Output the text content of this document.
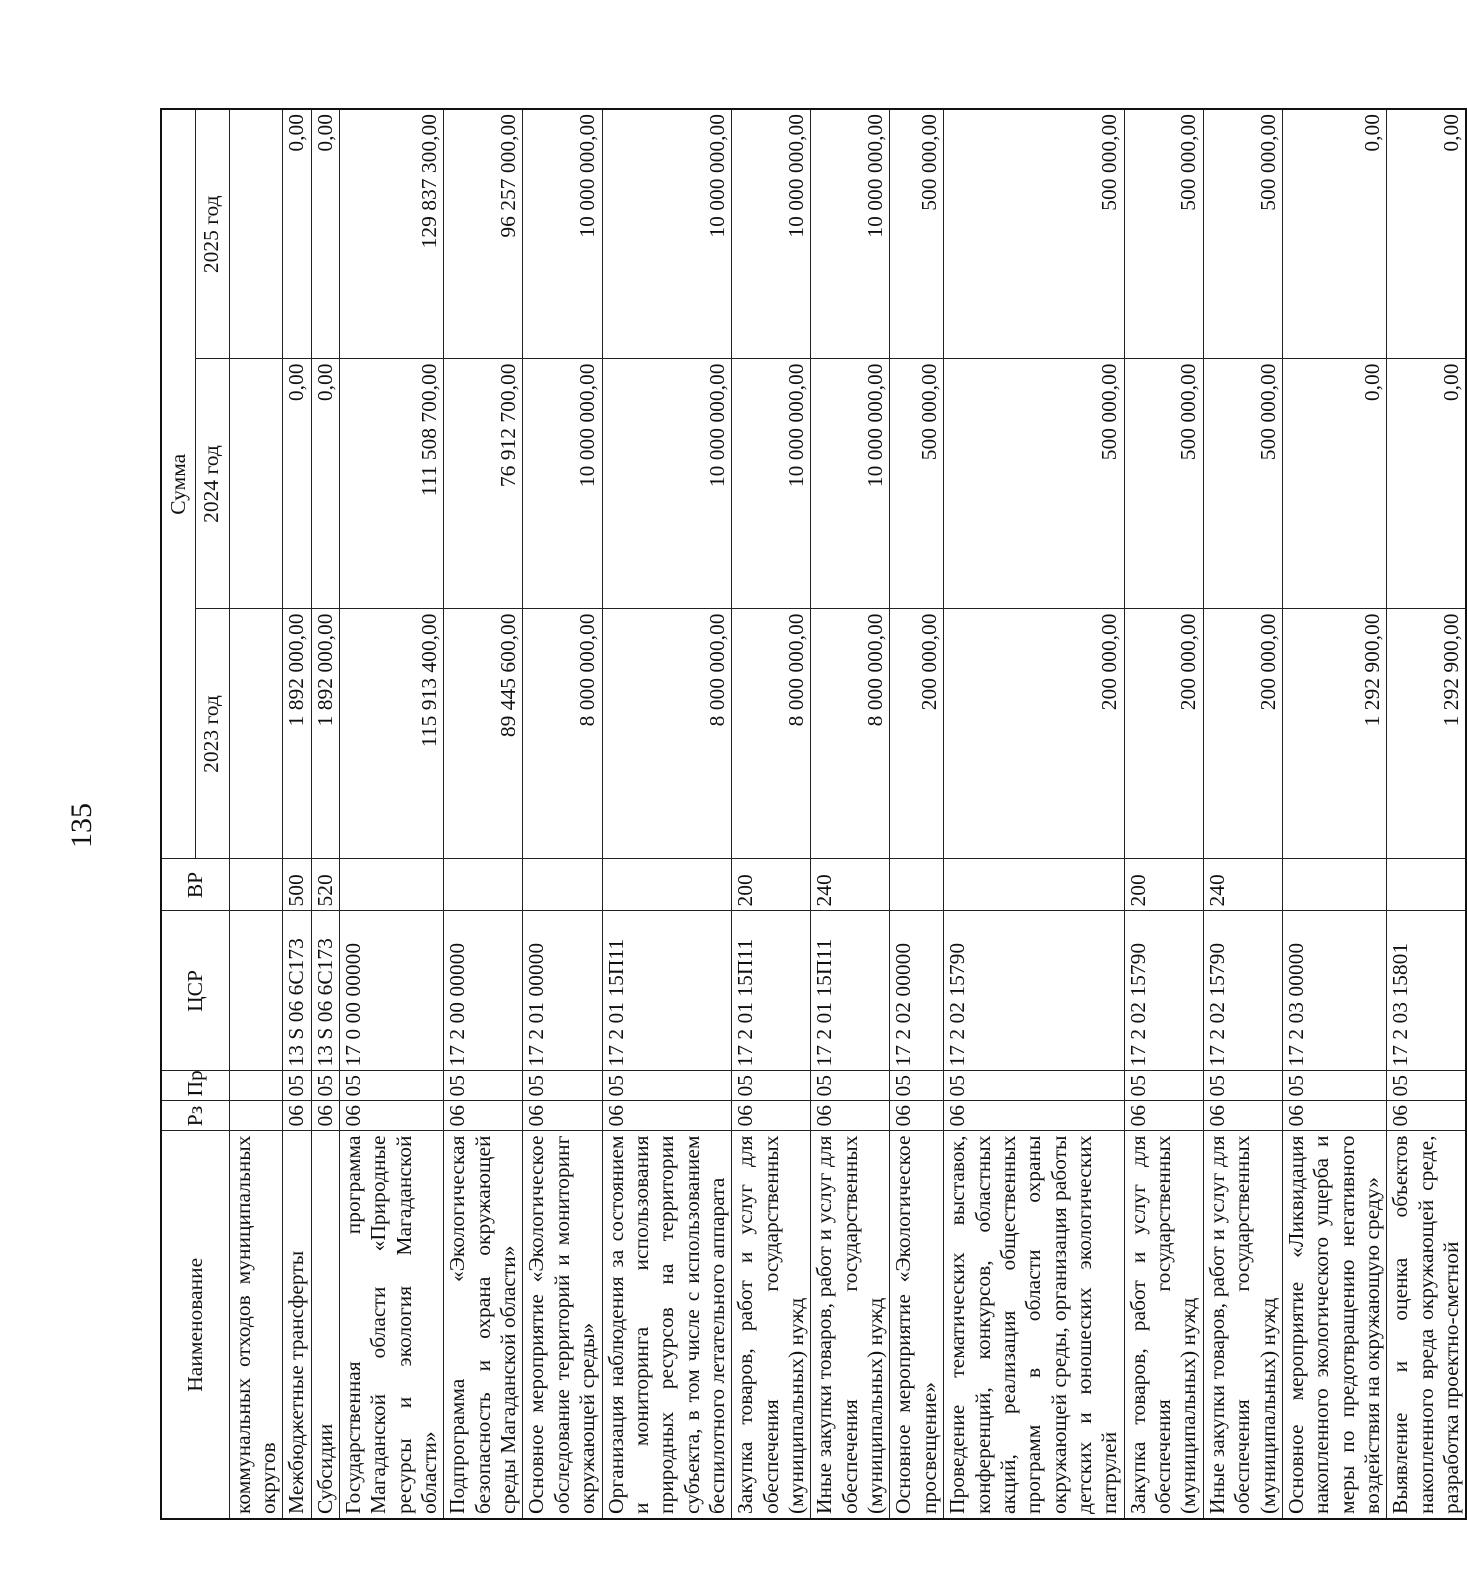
135
Наименование	Рз	Пр	ЦСР	ВР	Сумма		
					2023 год	2024 год	2025 год
коммунальных отходов муниципальных округов							
Межбюджетные трансферты	06	05	13 S 06 6С173	500	1 892 000,00	0,00	0,00
Субсидии	06	05	13 S 06 6С173	520	1 892 000,00	0,00	0,00
Государственная программа Магаданской области «Природные ресурсы и экология Магаданской области»	06	05	17 0 00 00000		115 913 400,00	111 508 700,00	129 837 300,00
Подпрограмма «Экологическая безопасность и охрана окружающей среды Магаданской области»	06	05	17 2 00 00000		89 445 600,00	76 912 700,00	96 257 000,00
Основное мероприятие «Экологическое обследование территорий и мониторинг окружающей среды»	06	05	17 2 01 00000		8 000 000,00	10 000 000,00	10 000 000,00
Организация наблюдения за состоянием и мониторинга использования природных ресурсов на территории субъекта, в том числе с использованием беспилотного летательного аппарата	06	05	17 2 01 15П11		8 000 000,00	10 000 000,00	10 000 000,00
Закупка товаров, работ и услуг для обеспечения государственных (муниципальных) нужд	06	05	17 2 01 15П11	200	8 000 000,00	10 000 000,00	10 000 000,00
Иные закупки товаров, работ и услуг для обеспечения государственных (муниципальных) нужд	06	05	17 2 01 15П11	240	8 000 000,00	10 000 000,00	10 000 000,00
Основное мероприятие «Экологическое просвещение»	06	05	17 2 02 00000		200 000,00	500 000,00	500 000,00
Проведение тематических выставок, конференций, конкурсов, областных акций, реализация общественных программ в области охраны окружающей среды, организация работы детских и юношеских экологических патрулей	06	05	17 2 02 15790		200 000,00	500 000,00	500 000,00
Закупка товаров, работ и услуг для обеспечения государственных (муниципальных) нужд	06	05	17 2 02 15790	200	200 000,00	500 000,00	500 000,00
Иные закупки товаров, работ и услуг для обеспечения государственных (муниципальных) нужд	06	05	17 2 02 15790	240	200 000,00	500 000,00	500 000,00
Основное мероприятие «Ликвидация накопленного экологического ущерба и меры по предотвращению негативного воздействия на окружающую среду»	06	05	17 2 03 00000		1 292 900,00	0,00	0,00
Выявление и оценка объектов накопленного вреда окружающей среде, разработка проектно-сметной	06	05	17 2 03 15801		1 292 900,00	0,00	0,00
